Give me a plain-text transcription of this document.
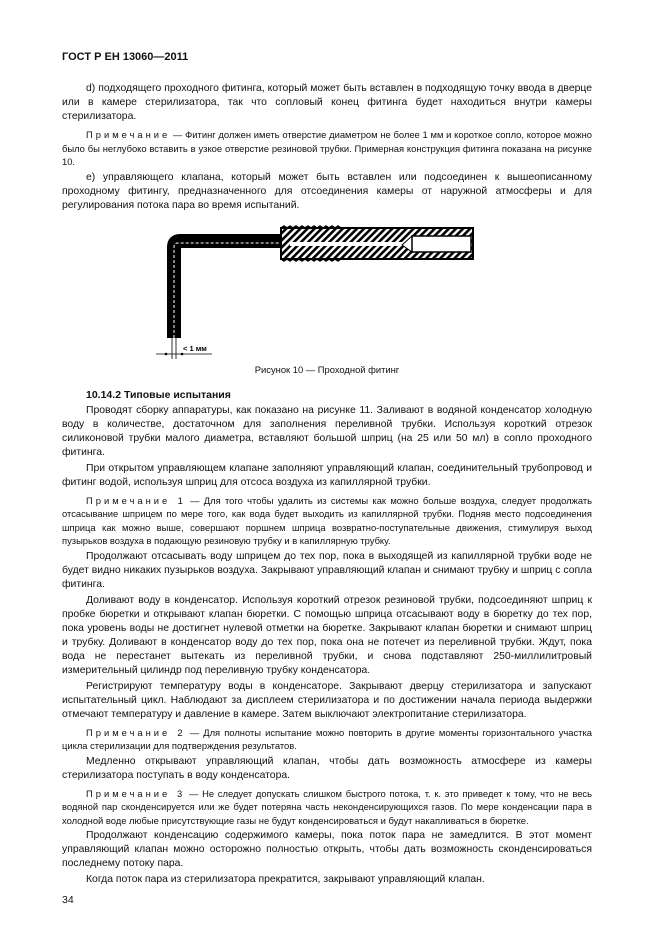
ГОСТ Р ЕН 13060—2011

d) подходящего проходного фитинга, который может быть вставлен в подходящую точку ввода в дверце или в камере стерилизатора, так что сопловый конец фитинга будет находиться внутри камеры стерилизатора.

Примечание — Фитинг должен иметь отверстие диаметром не более 1 мм и короткое сопло, которое можно было бы неглубоко вставить в узкое отверстие резиновой трубки. Примерная конструкция фитинга показана на рисунке 10.

e) управляющего клапана, который может быть вставлен или подсоединен к вышеописанному проходному фитингу, предназначенного для отсоединения камеры от наружной атмосферы и для регулирования потока пара во время испытаний.

< 1 мм
Рисунок 10 — Проходной фитинг
10.14.2 Типовые испытания

Проводят сборку аппаратуры, как показано на рисунке 11. Заливают в водяной конденсатор холодную воду в количестве, достаточном для заполнения переливной трубки. Используя короткий отрезок силиконовой трубки малого диаметра, вставляют большой шприц (на 25 или 50 мл) в сопло проходного фитинга.

При открытом управляющем клапане заполняют управляющий клапан, соединительный трубопровод и фитинг водой, используя шприц для отсоса воздуха из капиллярной трубки.

Примечание 1 — Для того чтобы удалить из системы как можно больше воздуха, следует продолжать отсасывание шприцем по мере того, как вода будет выходить из капиллярной трубки. Подняв место подсоединения шприца как можно выше, совершают поршнем шприца возвратно-поступательные движения, стимулируя выход пузырьков воздуха в подающую резиновую трубку и в капиллярную трубку.

Продолжают отсасывать воду шприцем до тех пор, пока в выходящей из капиллярной трубки воде не будет видно никаких пузырьков воздуха. Закрывают управляющий клапан и снимают трубку и шприц с сопла фитинга.

Доливают воду в конденсатор. Используя короткий отрезок резиновой трубки, подсоединяют шприц к пробке бюретки и открывают клапан бюретки. С помощью шприца отсасывают воду в бюретку до тех пор, пока уровень воды не достигнет нулевой отметки на бюретке. Закрывают клапан бюретки и снимают шприц и трубку. Доливают в конденсатор воду до тех пор, пока она не потечет из переливной трубки. Ждут, пока вода не перестанет вытекать из переливной трубки, и снова подставляют 250-миллилитровый измерительный цилиндр под переливную трубку конденсатора.

Регистрируют температуру воды в конденсаторе. Закрывают дверцу стерилизатора и запускают испытательный цикл. Наблюдают за дисплеем стерилизатора и по достижении начала периода выдержки отмечают температуру и давление в камере. Затем выключают электропитание стерилизатора.

Примечание 2 — Для полноты испытание можно повторить в другие моменты горизонтального участка цикла стерилизации для подтверждения результатов.

Медленно открывают управляющий клапан, чтобы дать возможность атмосфере из камеры стерилизатора поступать в воду конденсатора.

Примечание 3 — Не следует допускать слишком быстрого потока, т. к. это приведет к тому, что не весь водяной пар сконденсируется или же будет потеряна часть неконденсирующихся газов. По мере конденсации пара в холодной воде любые присутствующие газы не будут конденсироваться и будут накапливаться в бюретке.

Продолжают конденсацию содержимого камеры, пока поток пара не замедлится. В этот момент управляющий клапан можно осторожно полностью открыть, чтобы дать возможность сконденсироваться последнему потоку пара.

Когда поток пара из стерилизатора прекратится, закрывают управляющий клапан.

34
